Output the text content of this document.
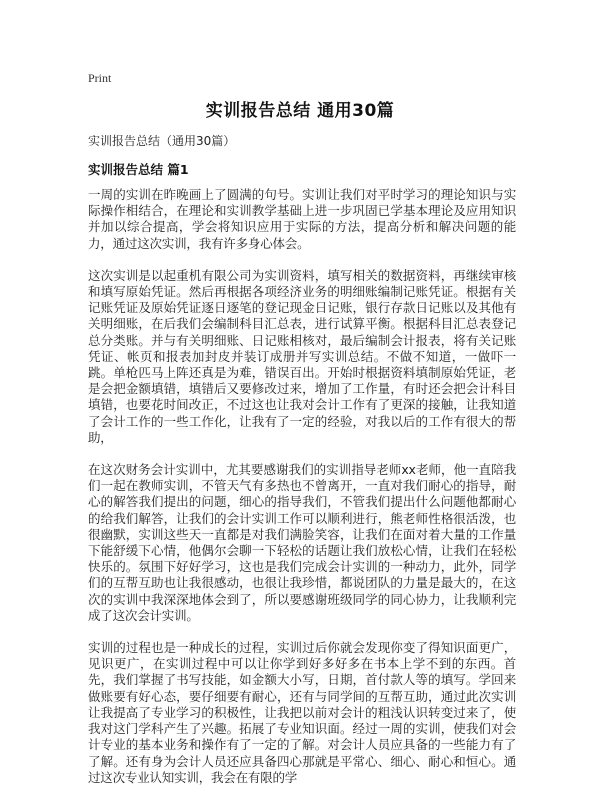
Print
实训报告总结 通用30篇
实训报告总结（通用30篇）
实训报告总结 篇1

一周的实训在昨晚画上了圆满的句号。实训让我们对平时学习的理论知识与实际操作相结合，在理论和实训教学基础上进一步巩固已学基本理论及应用知识并加以综合提高，学会将知识应用于实际的方法，提高分析和解决问题的能力，通过这次实训，我有许多身心体会。

这次实训是以起重机有限公司为实训资料，填写相关的数据资料，再继续审核和填写原始凭证。然后再根据各项经济业务的明细账编制记账凭证。根据有关记账凭证及原始凭证逐日逐笔的登记现金日记账，银行存款日记账以及其他有关明细账，在后我们会编制科目汇总表，进行试算平衡。根据科目汇总表登记总分类账。并与有关明细账、日记账相核对，最后编制会计报表，将有关记账凭证、帐页和报表加封皮并装订成册并写实训总结。不做不知道，一做吓一跳。单枪匹马上阵还真是为难，错误百出。开始时根据资料填制原始凭证，老是会把金额填错，填错后又要修改过来，增加了工作量，有时还会把会计科目填错，也要花时间改正，不过这也让我对会计工作有了更深的接触，让我知道了会计工作的一些工作化，让我有了一定的经验，对我以后的工作有很大的帮助，

在这次财务会计实训中，尤其要感谢我们的实训指导老师xx老师，他一直陪我们一起在教师实训，不管天气有多热也不曾离开，一直对我们耐心的指导，耐心的解答我们提出的问题，细心的指导我们，不管我们提出什么问题他都耐心的给我们解答，让我们的会计实训工作可以顺利进行，熊老师性格很活泼，也很幽默，实训这些天一直都是对我们满脸笑容，让我们在面对着大量的工作量下能舒缓下心情，他偶尔会聊一下轻松的话题让我们放松心情，让我们在轻松快乐的。氛围下好好学习，这也是我们完成会计实训的一种动力，此外，同学们的互帮互助也让我很感动，也很让我珍惜，都说团队的力量是最大的，在这次的实训中我深深地体会到了，所以要感谢班级同学的同心协力，让我顺利完成了这次会计实训。

实训的过程也是一种成长的过程，实训过后你就会发现你变了得知识面更广，见识更广，在实训过程中可以让你学到好多好多在书本上学不到的东西。首先，我们掌握了书写技能，如金额大小写，日期，首付款人等的填写。学回来做账要有好心态，要仔细要有耐心，还有与同学间的互帮互助，通过此次实训让我提高了专业学习的积极性，让我把以前对会计的粗浅认识转变过来了，使我对这门学科产生了兴趣。拓展了专业知识面。经过一周的实训，使我们对会计专业的基本业务和操作有了一定的了解。对会计人员应具备的一些能力有了了解。还有身为会计人员还应具备四心那就是平常心、细心、耐心和恒心。通过这次专业认知实训，我会在有限的学
